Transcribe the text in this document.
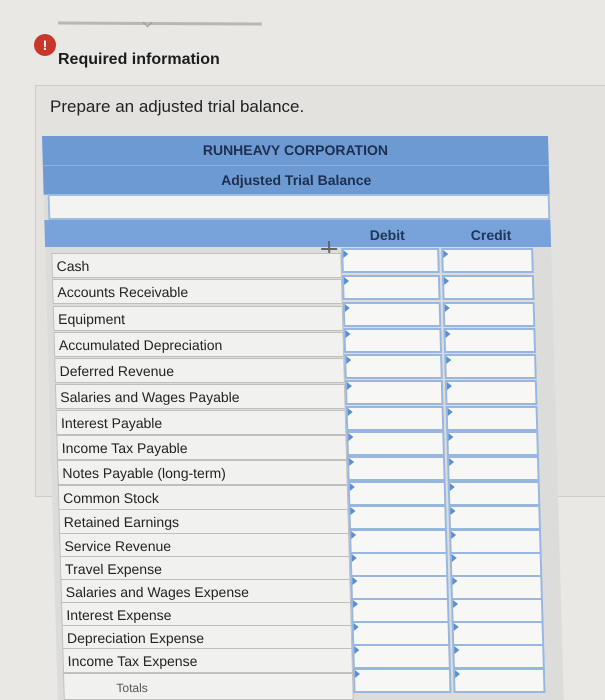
!
Required information
Prepare an adjusted trial balance.
RUNHEAVY CORPORATION
Adjusted Trial Balance
Debit	Credit
Cash
Accounts Receivable
Equipment
Accumulated Depreciation
Deferred Revenue
Salaries and Wages Payable
Interest Payable
Income Tax Payable
Notes Payable (long-term)
Common Stock
Retained Earnings
Service Revenue
Travel Expense
Salaries and Wages Expense
Interest Expense
Depreciation Expense
Income Tax Expense
Totals
